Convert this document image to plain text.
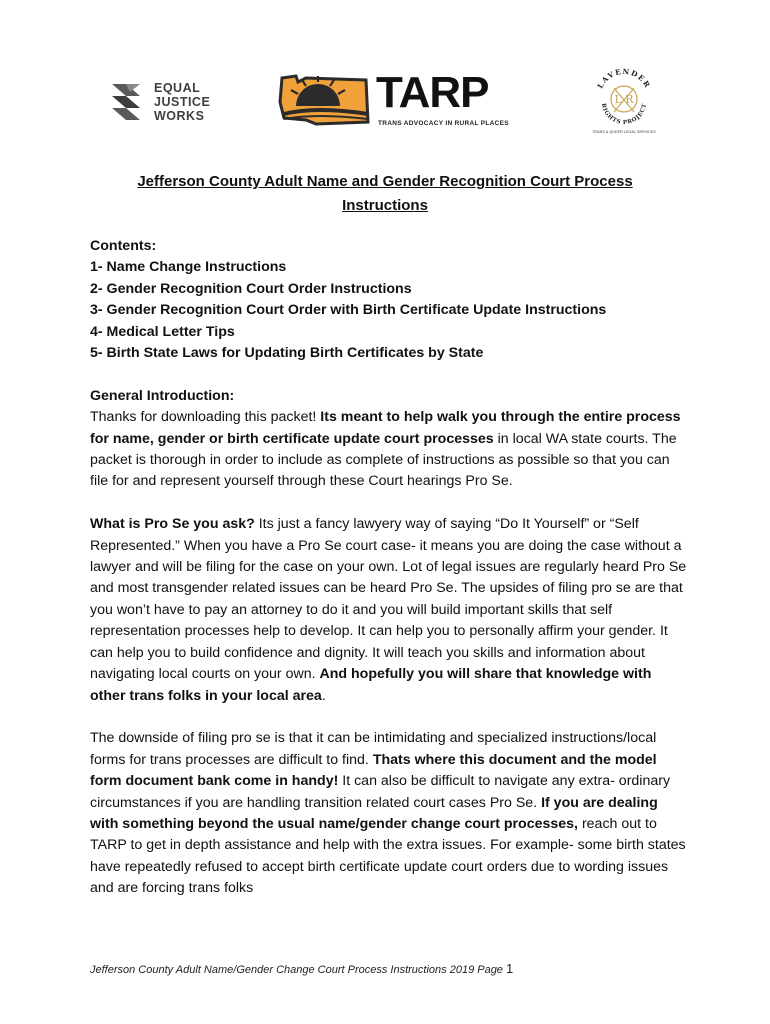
EQUAL
JUSTICE
WORKS	TARP
TRANS ADVOCACY IN RURAL PLACES
LAVENDER
RIGHTS PROJECT
L R
TRANS & QUEER LEGAL SERVICES
Jefferson County Adult Name and Gender Recognition Court Process
Instructions

Contents:

1- Name Change Instructions

2- Gender Recognition Court Order Instructions

3- Gender Recognition Court Order with Birth Certificate Update Instructions

4- Medical Letter Tips

5- Birth State Laws for Updating Birth Certificates by State

General Introduction:

Thanks for downloading this packet! Its meant to help walk you through the entire process for name, gender or birth certificate update court processes in local WA state courts. The packet is thorough in order to include as complete of instructions as possible so that you can file for and represent yourself through these Court hearings Pro Se.

What is Pro Se you ask? Its just a fancy lawyery way of saying “Do It Yourself” or “Self Represented.” When you have a Pro Se court case- it means you are doing the case without a lawyer and will be filing for the case on your own. Lot of legal issues are regularly heard Pro Se and most transgender related issues can be heard Pro Se. The upsides of filing pro se are that you won’t have to pay an attorney to do it and you will build important skills that self representation processes help to develop. It can help you to personally affirm your gender. It can help you to build confidence and dignity. It will teach you skills and information about navigating local courts on your own. And hopefully you will share that knowledge with other trans folks in your local area.

The downside of filing pro se is that it can be intimidating and specialized instructions/local forms for trans processes are difficult to find. Thats where this document and the model form document bank come in handy! It can also be difficult to navigate any extra- ordinary circumstances if you are handling transition related court cases Pro Se. If you are dealing with something beyond the usual name/gender change court processes, reach out to TARP to get in depth assistance and help with the extra issues. For example- some birth states have repeatedly refused to accept birth certificate update court orders due to wording issues and are forcing trans folks

Jefferson County Adult Name/Gender Change Court Process Instructions 2019 Page 1
